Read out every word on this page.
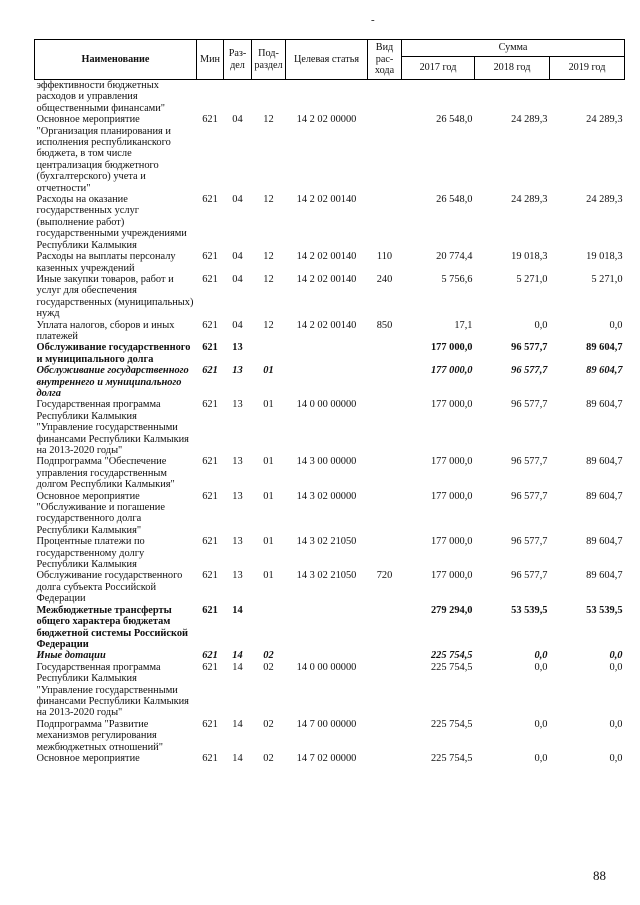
-
Наименование	Мин	Раз-дел	Под-раздел	Целевая статья	Вид рас-хода	Сумма		
						2017 год	2018 год	2019 год
эффективности бюджетных расходов и управления общественными финансами"								
Основное мероприятие "Организация планирования и исполнения республиканского бюджета, в том числе централизация бюджетного (бухгалтерского) учета и отчетности"	621	04	12	14 2 02 00000		26 548,0	24 289,3	24 289,3
Расходы на оказание государственных услуг (выполнение работ) государственными учреждениями Республики Калмыкия	621	04	12	14 2 02 00140		26 548,0	24 289,3	24 289,3
Расходы на выплаты персоналу казенных учреждений	621	04	12	14 2 02 00140	110	20 774,4	19 018,3	19 018,3
Иные закупки товаров, работ и услуг для обеспечения государственных (муниципальных) нужд	621	04	12	14 2 02 00140	240	5 756,6	5 271,0	5 271,0
Уплата налогов, сборов и иных платежей	621	04	12	14 2 02 00140	850	17,1	0,0	0,0
Обслуживание государственного и муниципального долга	621	13				177 000,0	96 577,7	89 604,7
Обслуживание государственного внутреннего и муниципального долга	621	13	01			177 000,0	96 577,7	89 604,7
Государственная программа Республики Калмыкия "Управление государственными финансами Республики Калмыкия на 2013-2020 годы"	621	13	01	14 0 00 00000		177 000,0	96 577,7	89 604,7
Подпрограмма "Обеспечение управления государственным долгом Республики Калмыкия"	621	13	01	14 3 00 00000		177 000,0	96 577,7	89 604,7
Основное мероприятие "Обслуживание и погашение государственного долга Республики Калмыкия"	621	13	01	14 3 02 00000		177 000,0	96 577,7	89 604,7
Процентные платежи по государственному долгу Республики Калмыкия	621	13	01	14 3 02 21050		177 000,0	96 577,7	89 604,7
Обслуживание государственного долга субъекта Российской Федерации	621	13	01	14 3 02 21050	720	177 000,0	96 577,7	89 604,7
Межбюджетные трансферты общего характера бюджетам бюджетной системы Российской Федерации	621	14				279 294,0	53 539,5	53 539,5
Иные дотации	621	14	02			225 754,5	0,0	0,0
Государственная программа Республики Калмыкия "Управление государственными финансами Республики Калмыкия на 2013-2020 годы"	621	14	02	14 0 00 00000		225 754,5	0,0	0,0
Подпрограмма "Развитие механизмов регулирования межбюджетных отношений"	621	14	02	14 7 00 00000		225 754,5	0,0	0,0
Основное мероприятие	621	14	02	14 7 02 00000		225 754,5	0,0	0,0
88
